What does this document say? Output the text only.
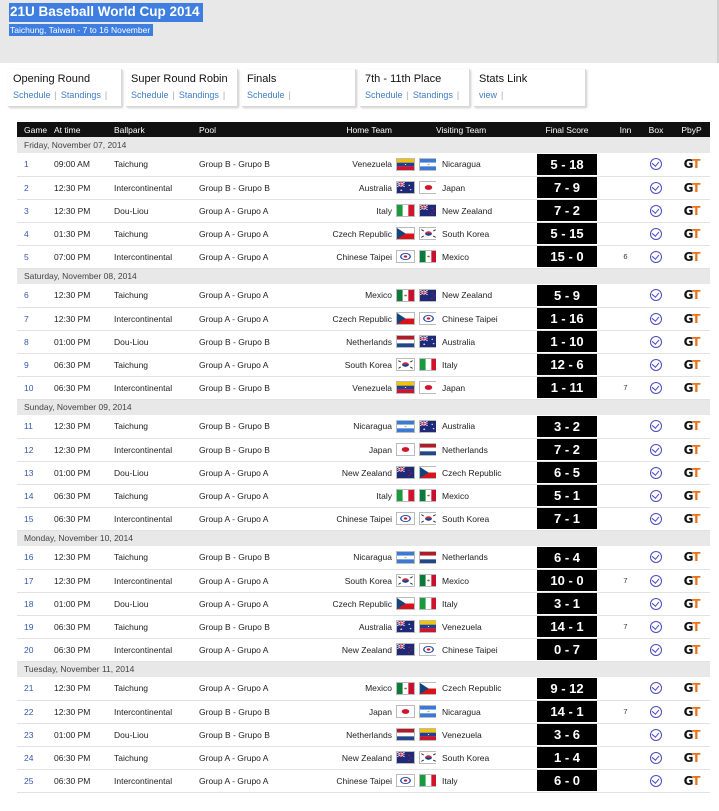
21U Baseball World Cup 2014
Taichung, Taiwan - 7 to 16 November
Opening Round
Schedule | Standings |
Super Round Robin
Schedule | Standings |
Finals
Schedule |
7th - 11th Place
Schedule | Standings |
Stats Link
view |
Game	At time	Ballpark	Pool	Home Team			Visiting Team	Final Score	Inn	Box	PbyP
Friday, November 07, 2014											
1	09:00 AM	Taichung	Group B - Grupo B	Venezuela			Nicaragua	5 - 18			GT
2	12:30 PM	Intercontinental	Group B - Grupo B	Australia			Japan	7 - 9			GT
3	12:30 PM	Dou-Liou	Group A - Grupo A	Italy			New Zealand	7 - 2			GT
4	01:30 PM	Taichung	Group A - Grupo A	Czech Republic			South Korea	5 - 15			GT
5	07:00 PM	Intercontinental	Group A - Grupo A	Chinese Taipei			Mexico	15 - 0	6		GT
Saturday, November 08, 2014											
6	12:30 PM	Taichung	Group A - Grupo A	Mexico			New Zealand	5 - 9			GT
7	12:30 PM	Intercontinental	Group A - Grupo A	Czech Republic			Chinese Taipei	1 - 16			GT
8	01:00 PM	Dou-Liou	Group B - Grupo B	Netherlands			Australia	1 - 10			GT
9	06:30 PM	Taichung	Group A - Grupo A	South Korea			Italy	12 - 6			GT
10	06:30 PM	Intercontinental	Group B - Grupo B	Venezuela			Japan	1 - 11	7		GT
Sunday, November 09, 2014											
11	12:30 PM	Taichung	Group B - Grupo B	Nicaragua			Australia	3 - 2			GT
12	12:30 PM	Intercontinental	Group B - Grupo B	Japan			Netherlands	7 - 2			GT
13	01:00 PM	Dou-Liou	Group A - Grupo A	New Zealand			Czech Republic	6 - 5			GT
14	06:30 PM	Taichung	Group A - Grupo A	Italy			Mexico	5 - 1			GT
15	06:30 PM	Intercontinental	Group A - Grupo A	Chinese Taipei			South Korea	7 - 1			GT
Monday, November 10, 2014											
16	12:30 PM	Taichung	Group B - Grupo B	Nicaragua			Netherlands	6 - 4			GT
17	12:30 PM	Intercontinental	Group A - Grupo A	South Korea			Mexico	10 - 0	7		GT
18	01:00 PM	Dou-Liou	Group A - Grupo A	Czech Republic			Italy	3 - 1			GT
19	06:30 PM	Taichung	Group B - Grupo B	Australia			Venezuela	14 - 1	7		GT
20	06:30 PM	Intercontinental	Group A - Grupo A	New Zealand			Chinese Taipei	0 - 7			GT
Tuesday, November 11, 2014											
21	12:30 PM	Taichung	Group A - Grupo A	Mexico			Czech Republic	9 - 12			GT
22	12:30 PM	Intercontinental	Group B - Grupo B	Japan			Nicaragua	14 - 1	7		GT
23	01:00 PM	Dou-Liou	Group B - Grupo B	Netherlands			Venezuela	3 - 6			GT
24	06:30 PM	Taichung	Group A - Grupo A	New Zealand			South Korea	1 - 4			GT
25	06:30 PM	Intercontinental	Group A - Grupo A	Chinese Taipei			Italy	6 - 0			GT
